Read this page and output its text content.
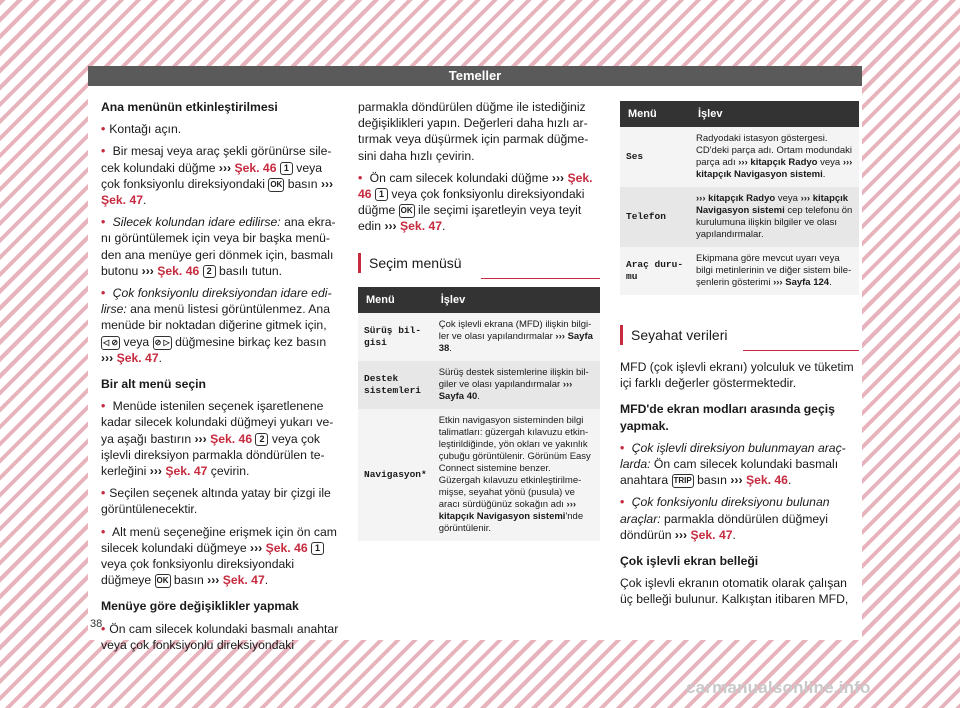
Temeller

Ana menünün etkinleştirilmesi

• Kontağı açın.

• Bir mesaj veya araç şekli görünürse silecek kolundaki düğme ››› Şek. 46 1 veya çok fonksiyonlu direksiyondaki OK basın ››› Şek. 47.

• Silecek kolundan idare edilirse: ana ekranı görüntülemek için veya bir başka menüden ana menüye geri dönmek için, basmalı butonu ››› Şek. 46 2 basılı tutun.

• Çok fonksiyonlu direksiyondan idare edilirse: ana menü listesi görüntülenmez. Ana menüde bir noktadan diğerine gitmek için, ◁ ⊘ veya ⊘ ▷ düğmesine birkaç kez basın ››› Şek. 47.

Bir alt menü seçin

• Menüde istenilen seçenek işaretlenene kadar silecek kolundaki düğmeyi yukarı veya aşağı bastırın ››› Şek. 46 2 veya çok işlevli direksiyon parmakla döndürülen tekerleğini ››› Şek. 47 çevirin.

• Seçilen seçenek altında yatay bir çizgi ile görüntülenecektir.

• Alt menü seçeneğine erişmek için ön cam silecek kolundaki düğmeye ››› Şek. 46 1 veya çok fonksiyonlu direksiyondaki düğmeye OK basın ››› Şek. 47.

Menüye göre değişiklikler yapmak

• Ön cam silecek kolundaki basmalı anahtar veya çok fonksiyonlu direksiyondaki

parmakla döndürülen düğme ile istediğiniz değişiklikleri yapın. Değerleri daha hızlı artırmak veya düşürmek için parmak düğmesini daha hızlı çevirin.

• Ön cam silecek kolundaki düğme ››› Şek. 46 1 veya çok fonksiyonlu direksiyondaki düğme OK ile seçimi işaretleyin veya teyit edin ››› Şek. 47.

Seçim menüsü
Menü	İşlev
Sürüş bilgisi	Çok işlevli ekrana (MFD) ilişkin bilgiler ve olası yapılandırmalar ››› Sayfa 38.
Destek sistemleri	Sürüş destek sistemlerine ilişkin bilgiler ve olası yapılandırmalar ››› Sayfa 40.
Navigasyon*	Etkin navigasyon sisteminden bilgi talimatları: güzergah kılavuzu etkinleştirildiğinde, yön okları ve yakınlık çubuğu görüntülenir. Görünüm Easy Connect sistemine benzer. Güzergah kılavuzu etkinleştirilmemişse, seyahat yönü (pusula) ve aracı sürdüğünüz sokağın adı ››› kitapçık Navigasyon sistemi'nde görüntülenir.
Menü	İşlev
Ses	Radyodaki istasyon göstergesi. CD'deki parça adı. Ortam modundaki parça adı ››› kitapçık Radyo veya ››› kitapçık Navigasyon sistemi.
Telefon	››› kitapçık Radyo veya ››› kitapçık Navigasyon sistemi cep telefonu ön kurulumuna ilişkin bilgiler ve olası yapılandırmalar.
Araç durumu	Ekipmana göre mevcut uyarı veya bilgi metinlerinin ve diğer sistem bileşenlerin gösterimi ››› Sayfa 124.
Seyahat verileri

MFD (çok işlevli ekranı) yolculuk ve tüketim içi farklı değerler göstermektedir.

MFD'de ekran modları arasında geçiş yapmak.

• Çok işlevli direksiyon bulunmayan araçlarda: Ön cam silecek kolundaki basmalı anahtara TRIP basın ››› Şek. 46.

• Çok fonksiyonlu direksiyonu bulunan araçlar: parmakla döndürülen düğmeyi döndürün ››› Şek. 47.

Çok işlevli ekran belleği

Çok işlevli ekranın otomatik olarak çalışan üç belleği bulunur. Kalkıştan itibaren MFD,

38
carmanualsonline.info
